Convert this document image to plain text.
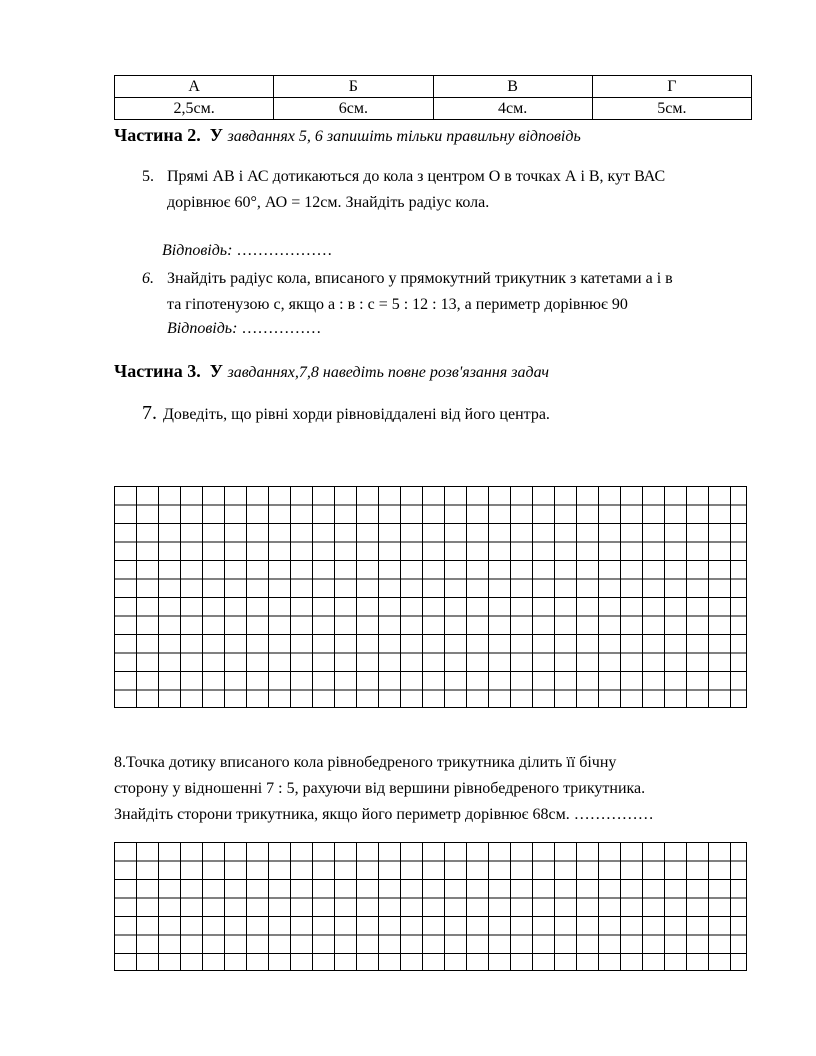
А	Б	В	Г
2,5см.	6см.	4см.	5см.
Частина 2. У завданнях 5, 6 запишіть тільки правильну відповідь
5. Прямі АВ і АС дотикаються до кола з центром О в точках А і В, кут ВАС
дорівнює 60°, АО = 12см. Знайдіть радіус кола.
Відповідь: ………………
6. Знайдіть радіус кола, вписаного у прямокутний трикутник з катетами а і в
та гіпотенузою с, якщо а : в : с = 5 : 12 : 13, а периметр дорівнює 90
Відповідь: ……………
Частина 3. У завданнях,7,8 наведіть повне розв'язання задач
7. Доведіть, що рівні хорди рівновіддалені від його центра.
8.Точка дотику вписаного кола рівнобедреного трикутника ділить її бічну
сторону у відношенні 7 : 5, рахуючи від вершини рівнобедреного трикутника.
Знайдіть сторони трикутника, якщо його периметр дорівнює 68см. ……………
